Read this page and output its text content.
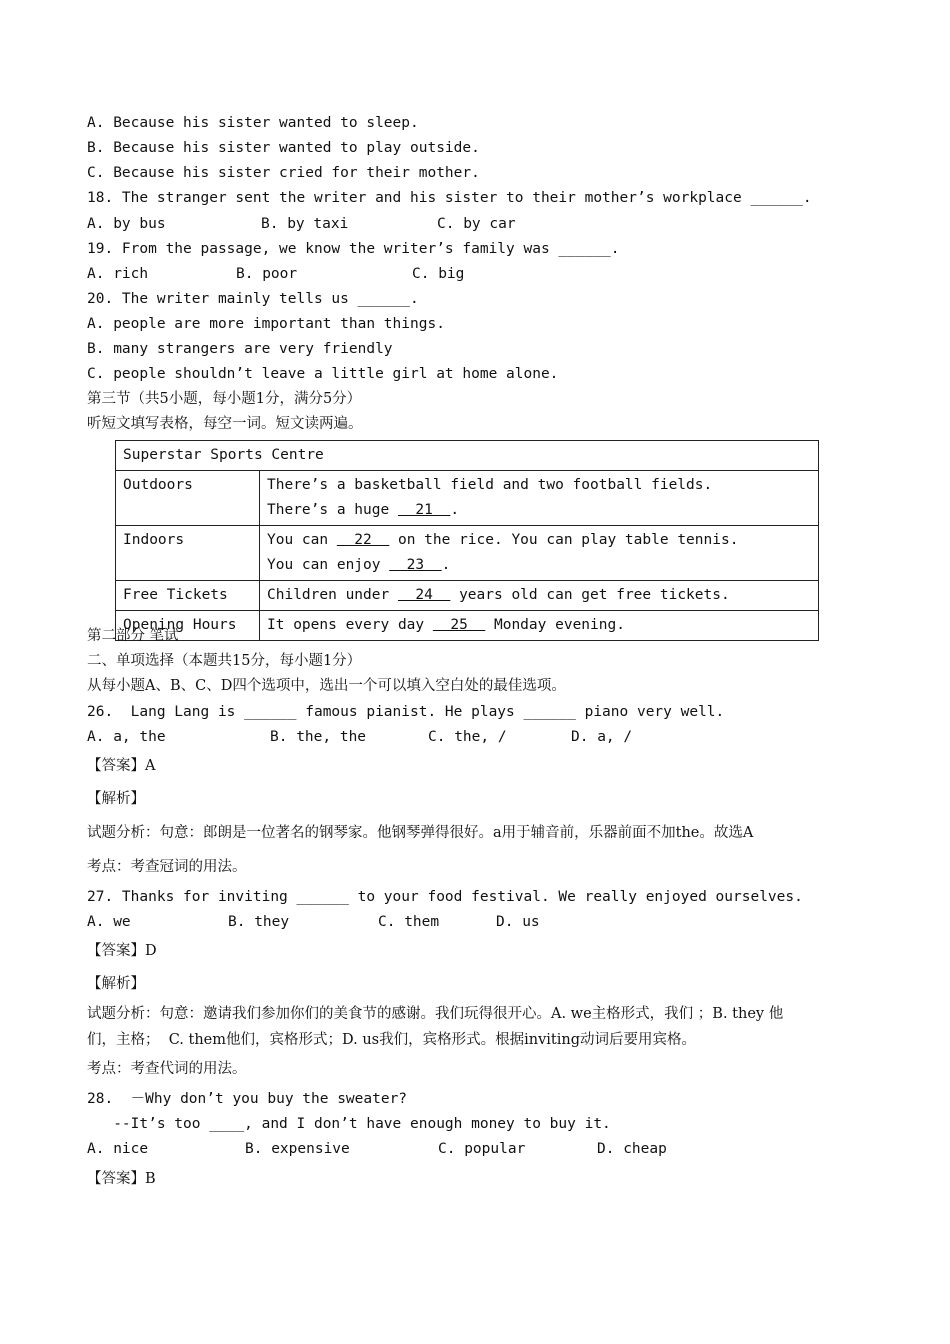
A. Because his sister wanted to sleep.
B. Because his sister wanted to play outside.
C. Because his sister cried for their mother.
18. The stranger sent the writer and his sister to their mother’s workplace ______.

A. by bus

	B. by taxi

	C. by car

19. From the passage, we know the writer’s family was ______.

A. rich

	B. poor

	C. big

20. The writer mainly tells us ______.
A. people are more important than things.
B. many strangers are very friendly
C. people shouldn’t leave a little girl at home alone.
第三节（共5小题，每小题1分，满分5分）
听短文填写表格，每空一词。短文读两遍。
Superstar Sports Centre	
Outdoors	There’s a basketball field and two football fields.
There’s a huge   21  .
Indoors	You can   22   on the rice. You can play table tennis.
You can enjoy   23  .
Free Tickets	Children under   24   years old can get free tickets.
Opening Hours	It opens every day   25   Monday evening.
第二部分 笔试
二、单项选择（本题共15分，每小题1分）
从每小题A、B、C、D四个选项中，选出一个可以填入空白处的最佳选项。
26.  Lang Lang is ______ famous pianist. He plays ______ piano very well.

A. a, the

	B. the, the

	C. the, /

	D. a, /

【答案】A
【解析】
试题分析：句意：郎朗是一位著名的钢琴家。他钢琴弹得很好。a用于辅音前，乐器前面不加the。故选A
考点：考查冠词的用法。
27. Thanks for inviting ______ to your food festival. We really enjoyed ourselves.

A. we

	B. they

	C. them

	D. us

【答案】D
【解析】
试题分析：句意：邀请我们参加你们的美食节的感谢。我们玩得很开心。A. we主格形式，我们 ；B. they 他
们，主格；  C. them他们，宾格形式；D. us我们，宾格形式。根据inviting动词后要用宾格。
考点：考查代词的用法。
28.  －Why don’t you buy the sweater?
--It’s too ____, and I don’t have enough money to buy it.

A. nice

	B. expensive

	C. popular

	D. cheap

【答案】B
